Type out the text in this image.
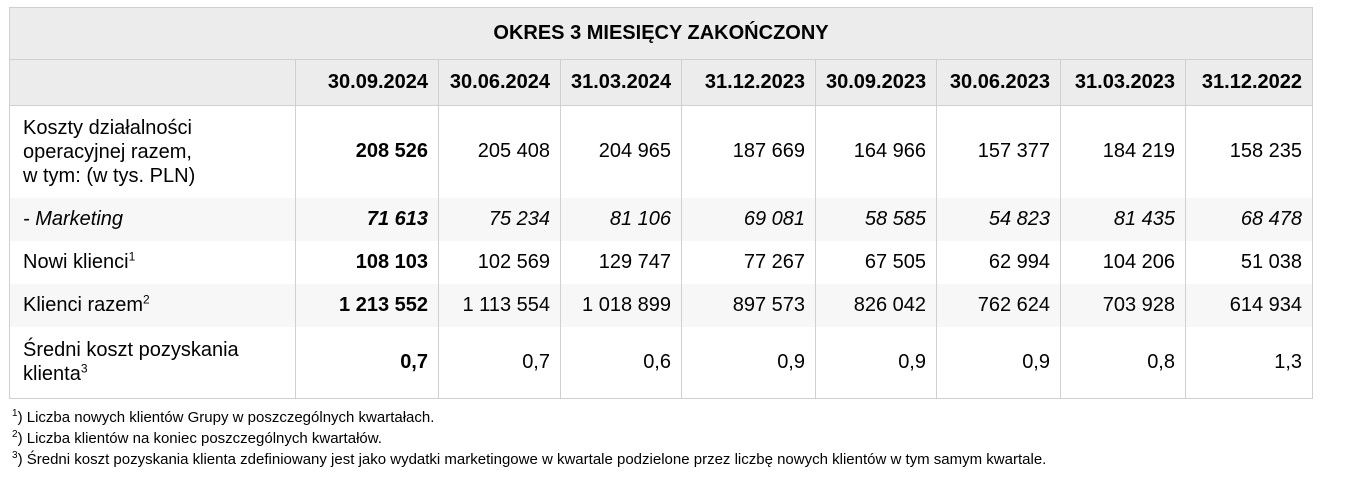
OKRES 3 MIESIĘCY ZAKOŃCZONY								
	30.09.2024	30.06.2024	31.03.2024	31.12.2023	30.09.2023	30.06.2023	31.03.2023	31.12.2022
Koszty działalności
operacyjnej razem,
w tym: (w tys. PLN)	208 526	205 408	204 965	187 669	164 966	157 377	184 219	158 235
- Marketing	71 613	75 234	81 106	69 081	58 585	54 823	81 435	68 478
Nowi klienci$^1$	108 103	102 569	129 747	77 267	67 505	62 994	104 206	51 038
Klienci razem$^2$	1 213 552	1 113 554	1 018 899	897 573	826 042	762 624	703 928	614 934
Średni koszt pozyskania
klienta$^3$	0,7	0,7	0,6	0,9	0,9	0,9	0,8	1,3
$^1$) Liczba nowych klientów Grupy w poszczególnych kwartałach.
$^2$) Liczba klientów na koniec poszczególnych kwartałów.
$^3$) Średni koszt pozyskania klienta zdefiniowany jest jako wydatki marketingowe w kwartale podzielone przez liczbę nowych klientów w tym samym kwartale.
